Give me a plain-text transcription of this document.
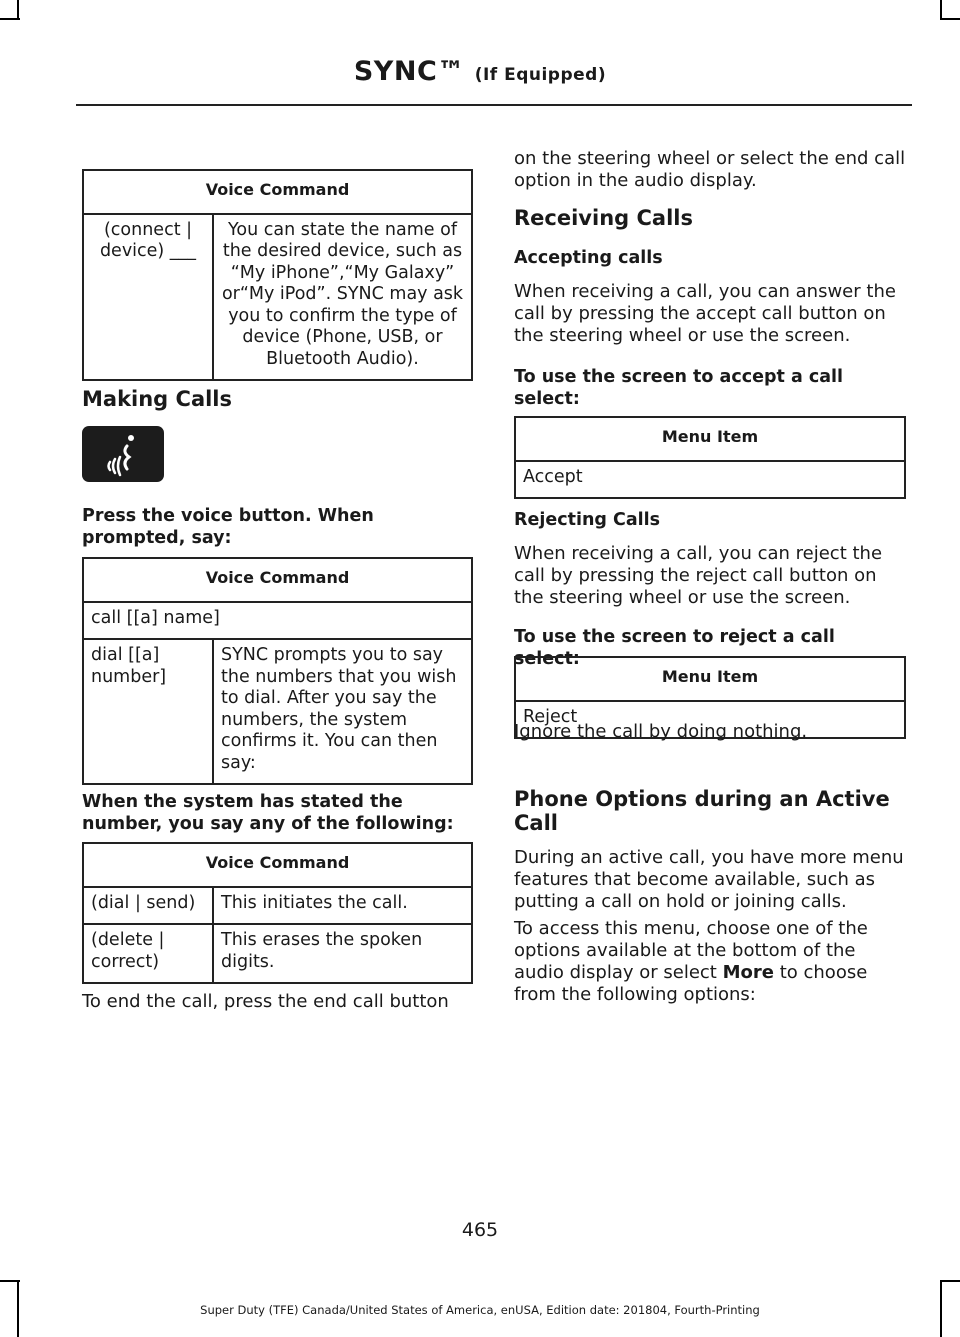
SYNC™ (If Equipped)
Voice Command
(connect | device) ___	You can state the name of the desired device, such as “My iPhone”,“My Galaxy” or“My iPod”. SYNC may ask you to confirm the type of device (Phone, USB, or Bluetooth Audio).
Making Calls
Press the voice button. When prompted, say:
Voice Command
call [[a] name]
dial [[a] number]	SYNC prompts you to say the numbers that you wish to dial. After you say the numbers, the system confirms it. You can then say:
When the system has stated the number, you say any of the following:
Voice Command	
(dial | send)	This initiates the call.
(delete | correct)	This erases the spoken digits.
To end the call, press the end call button
on the steering wheel or select the end call option in the audio display.
Receiving Calls
Accepting calls
When receiving a call, you can answer the call by pressing the accept call button on the steering wheel or use the screen.
To use the screen to accept a call select:
Menu Item
Accept
Rejecting Calls
When receiving a call, you can reject the call by pressing the reject call button on the steering wheel or use the screen.
To use the screen to reject a call select:
Menu Item
Reject
Ignore the call by doing nothing.
Phone Options during an Active Call
During an active call, you have more menu features that become available, such as putting a call on hold or joining calls.
To access this menu, choose one of the options available at the bottom of the audio display or select More to choose from the following options:
465
Super Duty (TFE) Canada/United States of America, enUSA, Edition date: 201804, Fourth-Printing
